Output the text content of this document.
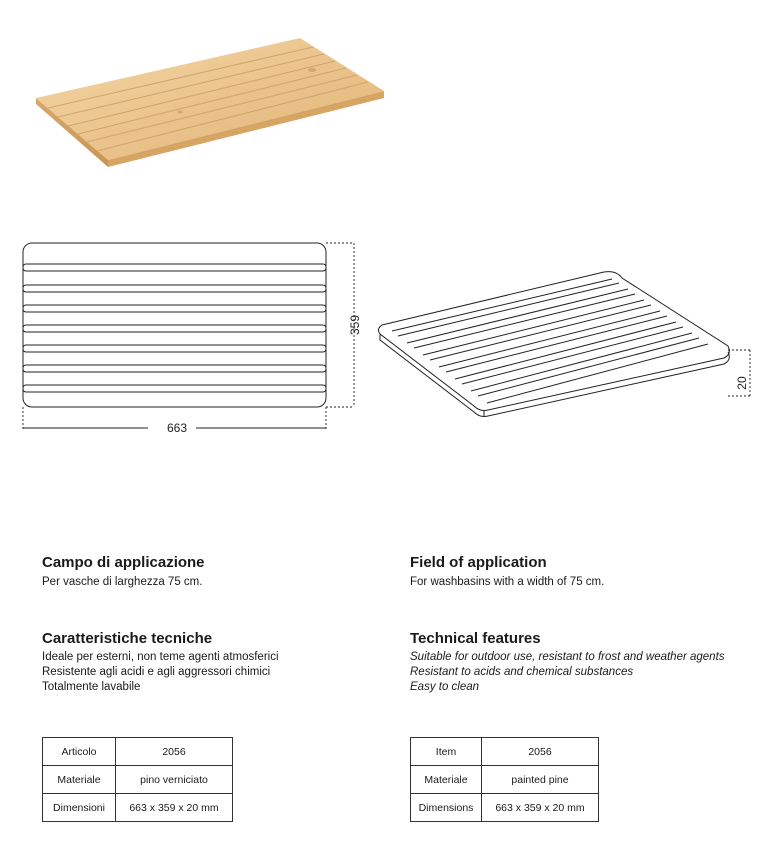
663
359
20
Campo di applicazione
Per vasche di larghezza 75 cm.
Caratteristiche tecniche
Ideale per esterni, non teme agenti atmosferici
Resistente agli acidi e agli aggressori chimici
Totalmente lavabile
Articolo	2056
Materiale	pino verniciato
Dimensioni	663 x 359 x 20 mm
Field of application
For washbasins with a width of 75 cm.
Technical features
Suitable for outdoor use, resistant to frost and weather agents
Resistant to acids and chemical substances
Easy to clean
Item	2056
Materiale	painted pine
Dimensions	663 x 359 x 20 mm
